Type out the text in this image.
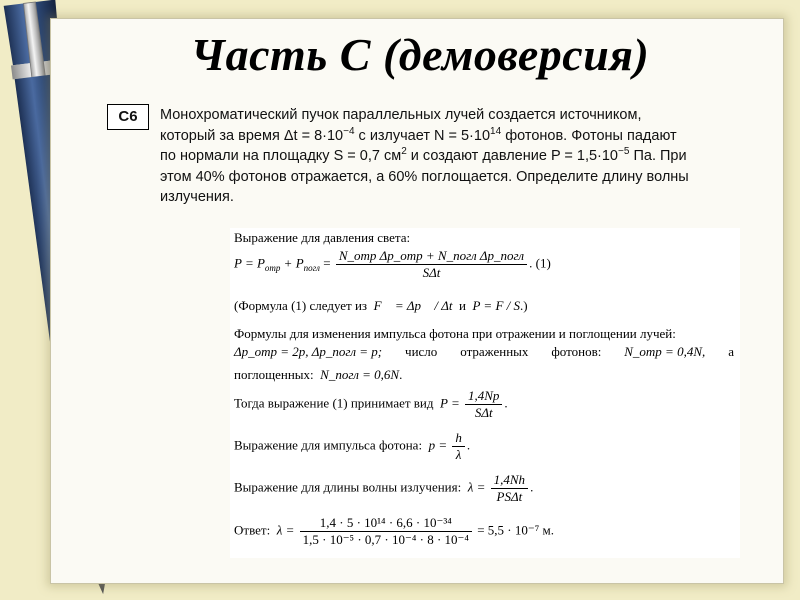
Часть С (демоверсия)
С6	Монохроматический пучок параллельных лучей создается источником,
который за время $\Delta t = 8\cdot 10^{-4}$ с излучает $N = 5\cdot 10^{14}$ фотонов. Фотоны падают
по нормали на площадку S = 0,7 $см^2$ и создают давление $P = 1,5\cdot 10^{-5}$ Па. При
этом 40% фотонов отражается, а 60% поглощается. Определите длину волны
излучения.
Выражение для давления света:
$P = P_{отр} + P_{погл} = \frac{\text{N\_отр Δp\_отр + N\_погл Δp\_погл}}{\text{SΔt}}$ . (1)
(Формула (1) следует из F⃗ = Δp⃗ / Δt и P = F / S.)
Формулы для изменения импульса фотона при отражении и поглощении лучей:
Δp_отр = 2p, Δp_погл = p; число отраженных фотонов: N_отр = 0,4N, а
поглощенных: N_погл = 0,6N.
Тогда выражение (1) принимает вид $P = \frac{1,4Np}{\text{SΔt}}$ .
Выражение для импульса фотона: $p = \frac{h}{\lambda}$ .
Выражение для длины волны излучения: $\lambda = \frac{1,4Nh}{\text{PSΔt}}$ .
Ответ: $\lambda = \frac{\text{1,4 · 5 · 10¹⁴ · 6,6 · 10⁻³⁴}}{\text{1,5 · 10⁻⁵ · 0,7 · 10⁻⁴ · 8 · 10⁻⁴}} = 5,5 \cdot 10^{-7}$ м.
